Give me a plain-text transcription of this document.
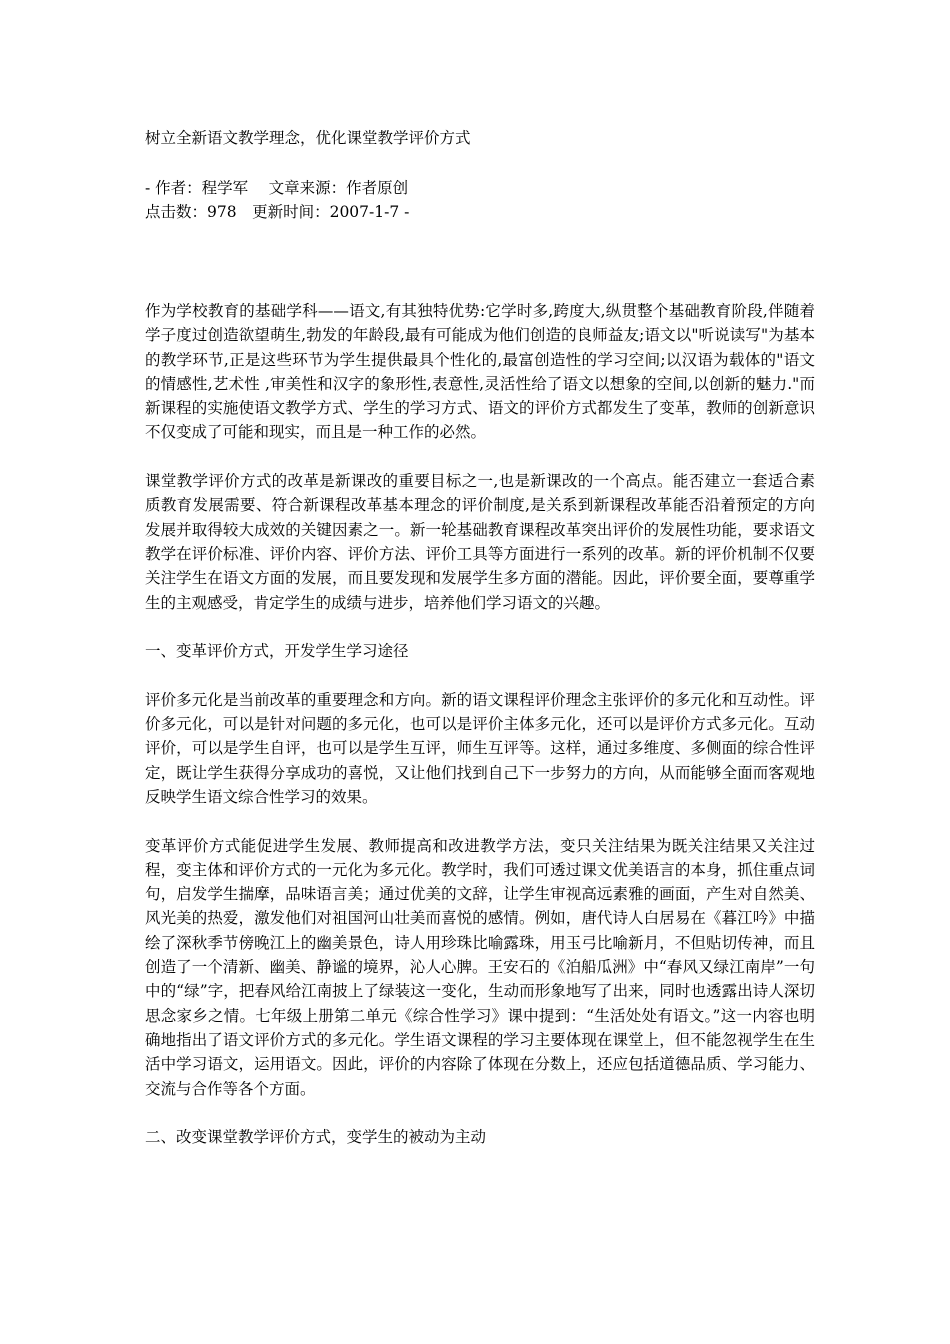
树立全新语文教学理念，优化课堂教学评价方式
- 作者：程学军　 文章来源：作者原创
点击数：978　更新时间：2007-1-7 -

作为学校教育的基础学科——语文,有其独特优势:它学时多,跨度大,纵贯整个基础教育阶段,伴随着学子度过创造欲望萌生,勃发的年龄段,最有可能成为他们创造的良师益友;语文以"听说读写"为基本的教学环节,正是这些环节为学生提供最具个性化的,最富创造性的学习空间;以汉语为载体的"语文的情感性,艺术性 ,审美性和汉字的象形性,表意性,灵活性给了语文以想象的空间,以创新的魅力."而新课程的实施使语文教学方式、学生的学习方式、语文的评价方式都发生了变革，教师的创新意识不仅变成了可能和现实，而且是一种工作的必然。

课堂教学评价方式的改革是新课改的重要目标之一,也是新课改的一个高点。能否建立一套适合素质教育发展需要、符合新课程改革基本理念的评价制度,是关系到新课程改革能否沿着预定的方向发展并取得较大成效的关键因素之一。新一轮基础教育课程改革突出评价的发展性功能，要求语文教学在评价标准、评价内容、评价方法、评价工具等方面进行一系列的改革。新的评价机制不仅要关注学生在语文方面的发展，而且要发现和发展学生多方面的潜能。因此，评价要全面，要尊重学生的主观感受，肯定学生的成绩与进步，培养他们学习语文的兴趣。

一、变革评价方式，开发学生学习途径

评价多元化是当前改革的重要理念和方向。新的语文课程评价理念主张评价的多元化和互动性。评价多元化，可以是针对问题的多元化，也可以是评价主体多元化，还可以是评价方式多元化。互动评价，可以是学生自评，也可以是学生互评，师生互评等。这样，通过多维度、多侧面的综合性评定，既让学生获得分享成功的喜悦，又让他们找到自己下一步努力的方向，从而能够全面而客观地反映学生语文综合性学习的效果。

变革评价方式能促进学生发展、教师提高和改进教学方法，变只关注结果为既关注结果又关注过程，变主体和评价方式的一元化为多元化。教学时，我们可透过课文优美语言的本身，抓住重点词句，启发学生揣摩，品味语言美；通过优美的文辞，让学生审视高远素雅的画面，产生对自然美、风光美的热爱，激发他们对祖国河山壮美而喜悦的感情。例如，唐代诗人白居易在《暮江吟》中描绘了深秋季节傍晚江上的幽美景色，诗人用珍珠比喻露珠，用玉弓比喻新月，不但贴切传神，而且创造了一个清新、幽美、静谧的境界，沁人心脾。王安石的《泊船瓜洲》中“春风又绿江南岸”一句中的“绿”字，把春风给江南披上了绿装这一变化，生动而形象地写了出来，同时也透露出诗人深切思念家乡之情。七年级上册第二单元《综合性学习》课中提到：“生活处处有语文。”这一内容也明确地指出了语文评价方式的多元化。学生语文课程的学习主要体现在课堂上，但不能忽视学生在生活中学习语文，运用语文。因此，评价的内容除了体现在分数上，还应包括道德品质、学习能力、交流与合作等各个方面。

二、改变课堂教学评价方式，变学生的被动为主动
